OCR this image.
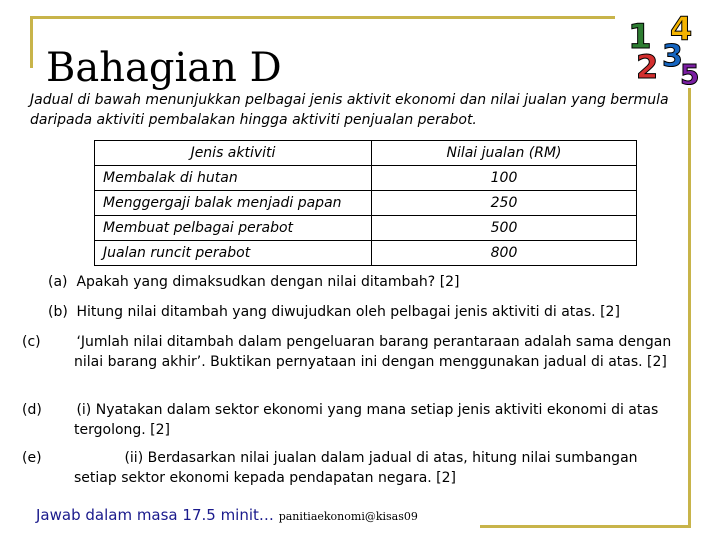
1 4
2 3
5
Bahagian D
Jadual di bawah menunjukkan pelbagai jenis aktivit ekonomi dan nilai jualan yang bermula daripada aktiviti pembalakan hingga aktiviti penjualan perabot.
Jenis aktiviti	Nilai jualan (RM)
Membalak di hutan	100
Menggergaji balak menjadi papan	250
Membuat pelbagai perabot	500
Jualan runcit perabot	800
(a) Apakah yang dimaksudkan dengan nilai ditambah? [2]
(b) Hitung nilai ditambah yang diwujudkan oleh pelbagai jenis aktiviti di atas. [2]
(c)	‘Jumlah nilai ditambah dalam pengeluaran barang perantaraan adalah sama dengan nilai barang akhir’. Buktikan pernyataan ini dengan menggunakan jadual di atas. [2]
(d) (i) Nyatakan dalam sektor ekonomi yang mana setiap jenis aktiviti ekonomi di atas tergolong. [2]
(e)	(ii) Berdasarkan nilai jualan dalam jadual di atas, hitung nilai sumbangan setiap sektor ekonomi kepada pendapatan negara. [2]
Jawab dalam masa 17.5 minit… panitiaekonomi@kisas09
